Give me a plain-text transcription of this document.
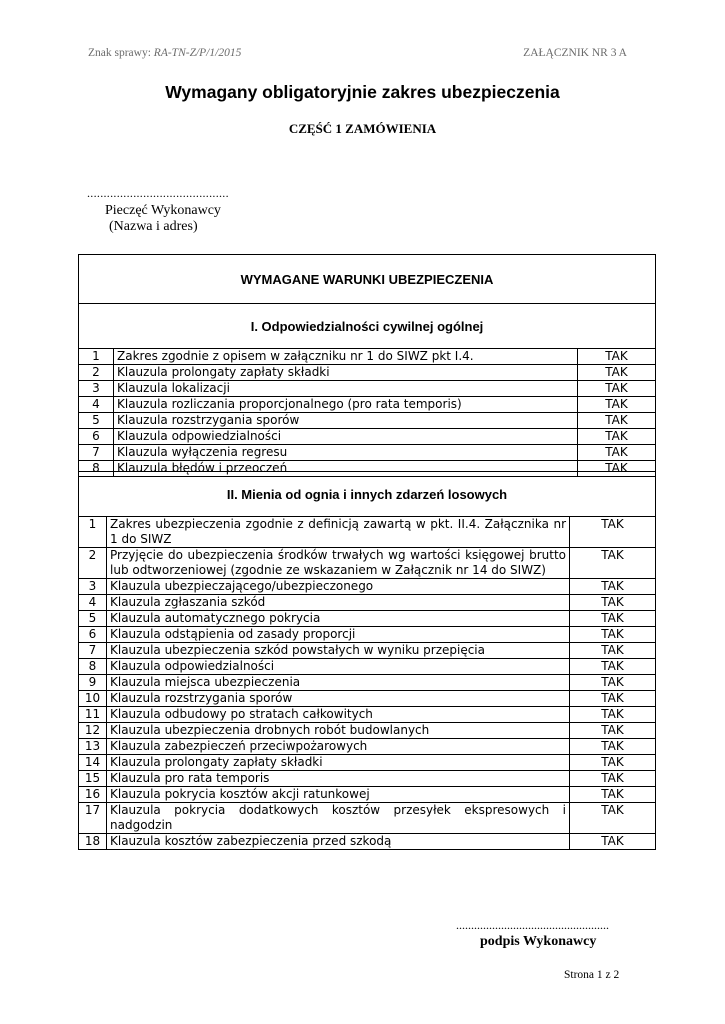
Znak sprawy: RA-TN-Z/P/1/2015	ZAŁĄCZNIK NR 3 A
Wymagany obligatoryjnie zakres ubezpieczenia
CZĘŚĆ 1 ZAMÓWIENIA
...........................................
Pieczęć Wykonawcy
(Nazwa i adres)
WYMAGANE WARUNKI UBEZPIECZENIA
I. Odpowiedzialności cywilnej ogólnej
1	Zakres zgodnie z opisem w załączniku nr 1 do SIWZ pkt I.4.	TAK
2	Klauzula prolongaty zapłaty składki	TAK
3	Klauzula lokalizacji	TAK
4	Klauzula rozliczania proporcjonalnego (pro rata temporis)	TAK
5	Klauzula rozstrzygania sporów	TAK
6	Klauzula odpowiedzialności	TAK
7	Klauzula wyłączenia regresu	TAK
8	Klauzula błędów i przeoczeń	TAK
II. Mienia od ognia i innych zdarzeń losowych
1	Zakres ubezpieczenia zgodnie z definicją zawartą w pkt. II.4. Załącznika nr 1 do SIWZ	TAK
2	Przyjęcie do ubezpieczenia środków trwałych wg wartości księgowej brutto lub odtworzeniowej (zgodnie ze wskazaniem w Załącznik nr 14 do SIWZ)	TAK
3	Klauzula ubezpieczającego/ubezpieczonego	TAK
4	Klauzula zgłaszania szkód	TAK
5	Klauzula automatycznego pokrycia	TAK
6	Klauzula odstąpienia od zasady proporcji	TAK
7	Klauzula ubezpieczenia szkód powstałych w wyniku przepięcia	TAK
8	Klauzula odpowiedzialności	TAK
9	Klauzula miejsca ubezpieczenia	TAK
10	Klauzula rozstrzygania sporów	TAK
11	Klauzula odbudowy po stratach całkowitych	TAK
12	Klauzula ubezpieczenia drobnych robót budowlanych	TAK
13	Klauzula zabezpieczeń przeciwpożarowych	TAK
14	Klauzula prolongaty zapłaty składki	TAK
15	Klauzula pro rata temporis	TAK
16	Klauzula pokrycia kosztów akcji ratunkowej	TAK
17	Klauzula pokrycia dodatkowych kosztów przesyłek ekspresowych i nadgodzin	TAK
18	Klauzula kosztów zabezpieczenia przed szkodą	TAK
...................................................
podpis Wykonawcy
Strona 1 z 2
